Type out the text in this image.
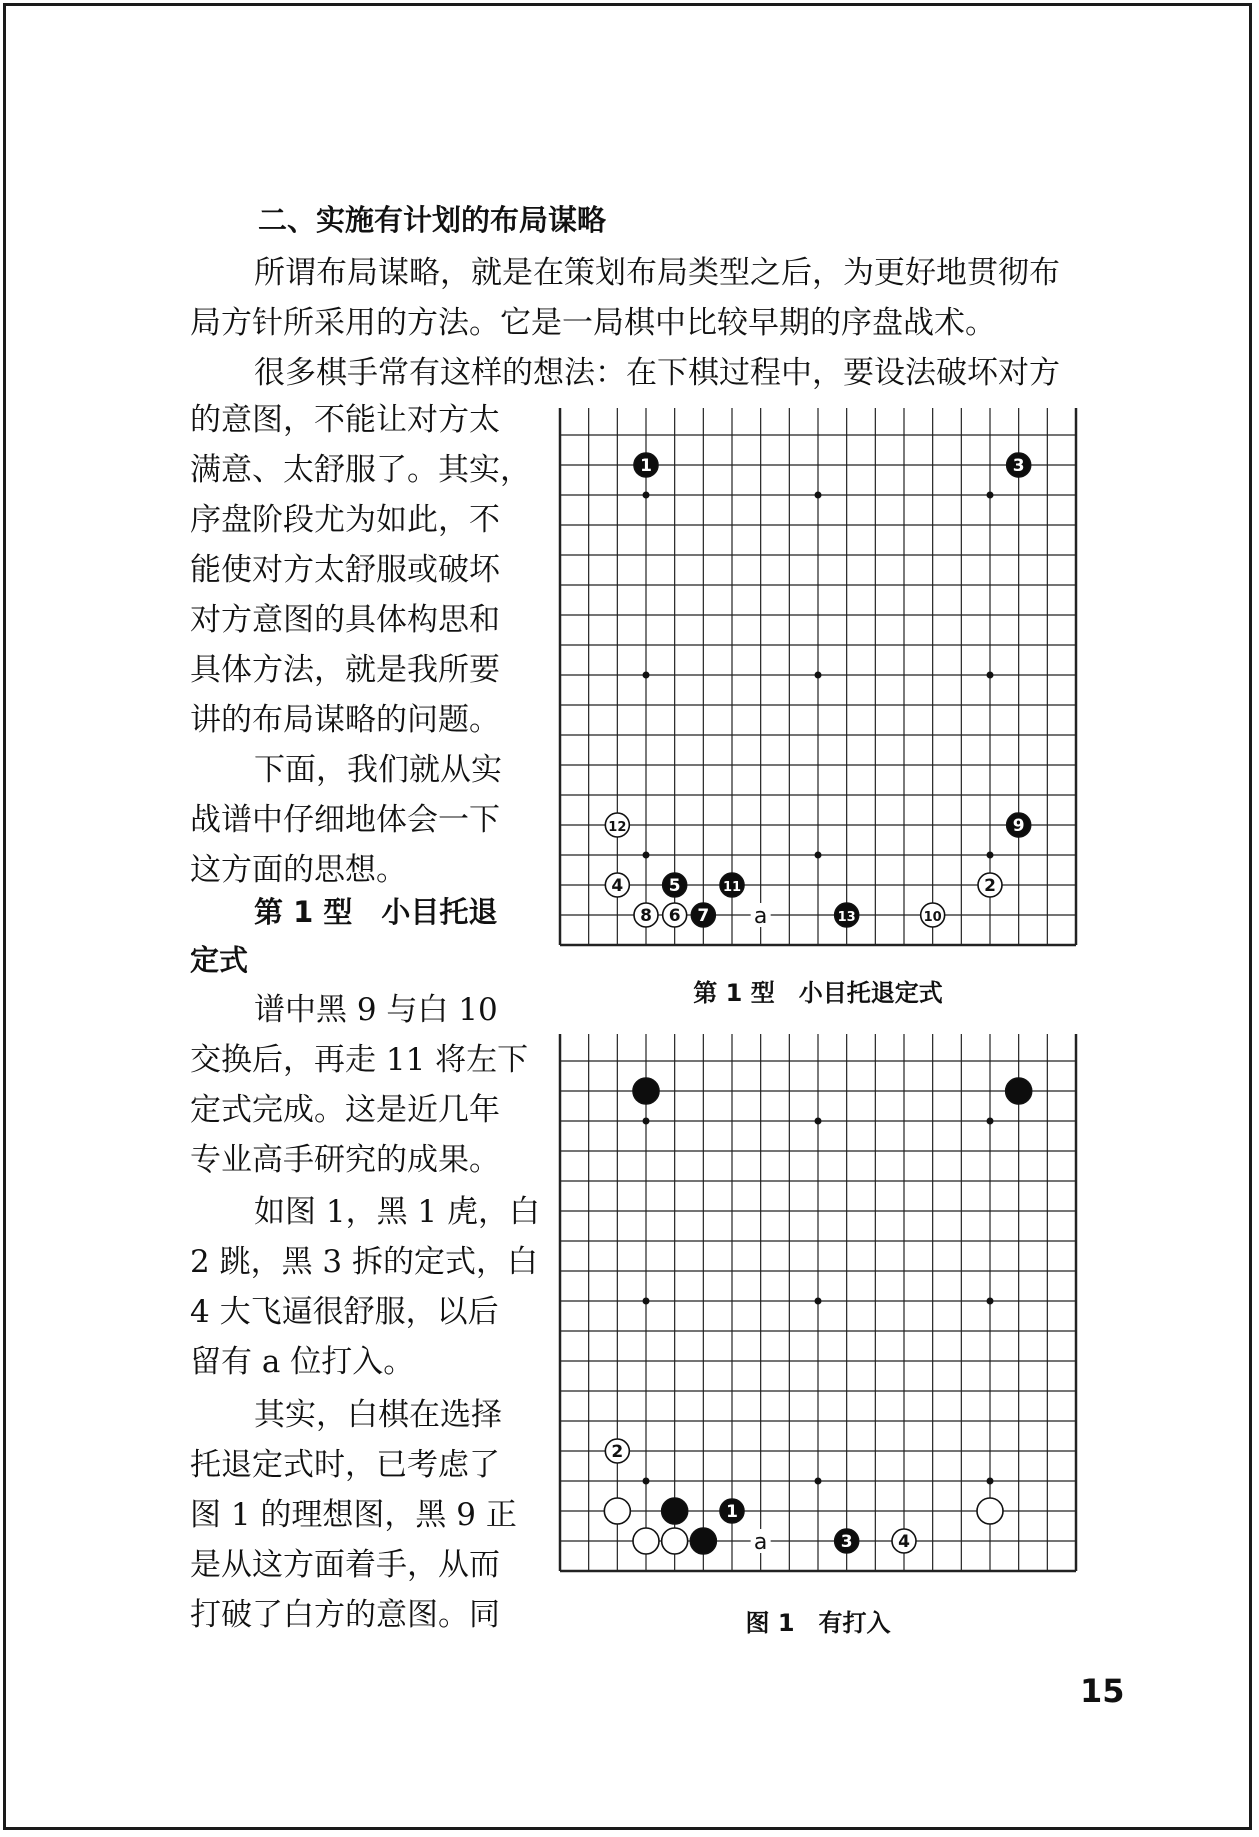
二、实施有计划的布局谋略
所谓布局谋略，就是在策划布局类型之后，为更好地贯彻布
局方针所采用的方法。它是一局棋中比较早期的序盘战术。
很多棋手常有这样的想法：在下棋过程中，要设法破坏对方
的意图，不能让对方太
满意、太舒服了。其实，
序盘阶段尤为如此，不
能使对方太舒服或破坏
对方意图的具体构思和
具体方法，就是我所要
讲的布局谋略的问题。
下面，我们就从实
战谱中仔细地体会一下
这方面的思想。
第 1 型　小目托退
定式
谱中黑 9 与白 10
交换后，再走 11 将左下
定式完成。这是近几年
专业高手研究的成果。
如图 1，黑 1 虎，白
2 跳，黑 3 拆的定式，白
4 大飞逼很舒服，以后
留有 a 位打入。
其实，白棋在选择
托退定式时，已考虑了
图 1 的理想图，黑 9 正
是从这方面着手，从而
打破了白方的意图。同
a
1	3
12	9
4	5	11	2
8 6 7	13	10
第 1 型　小目托退定式
a
2
1
3	4
图 1　有打入
15
